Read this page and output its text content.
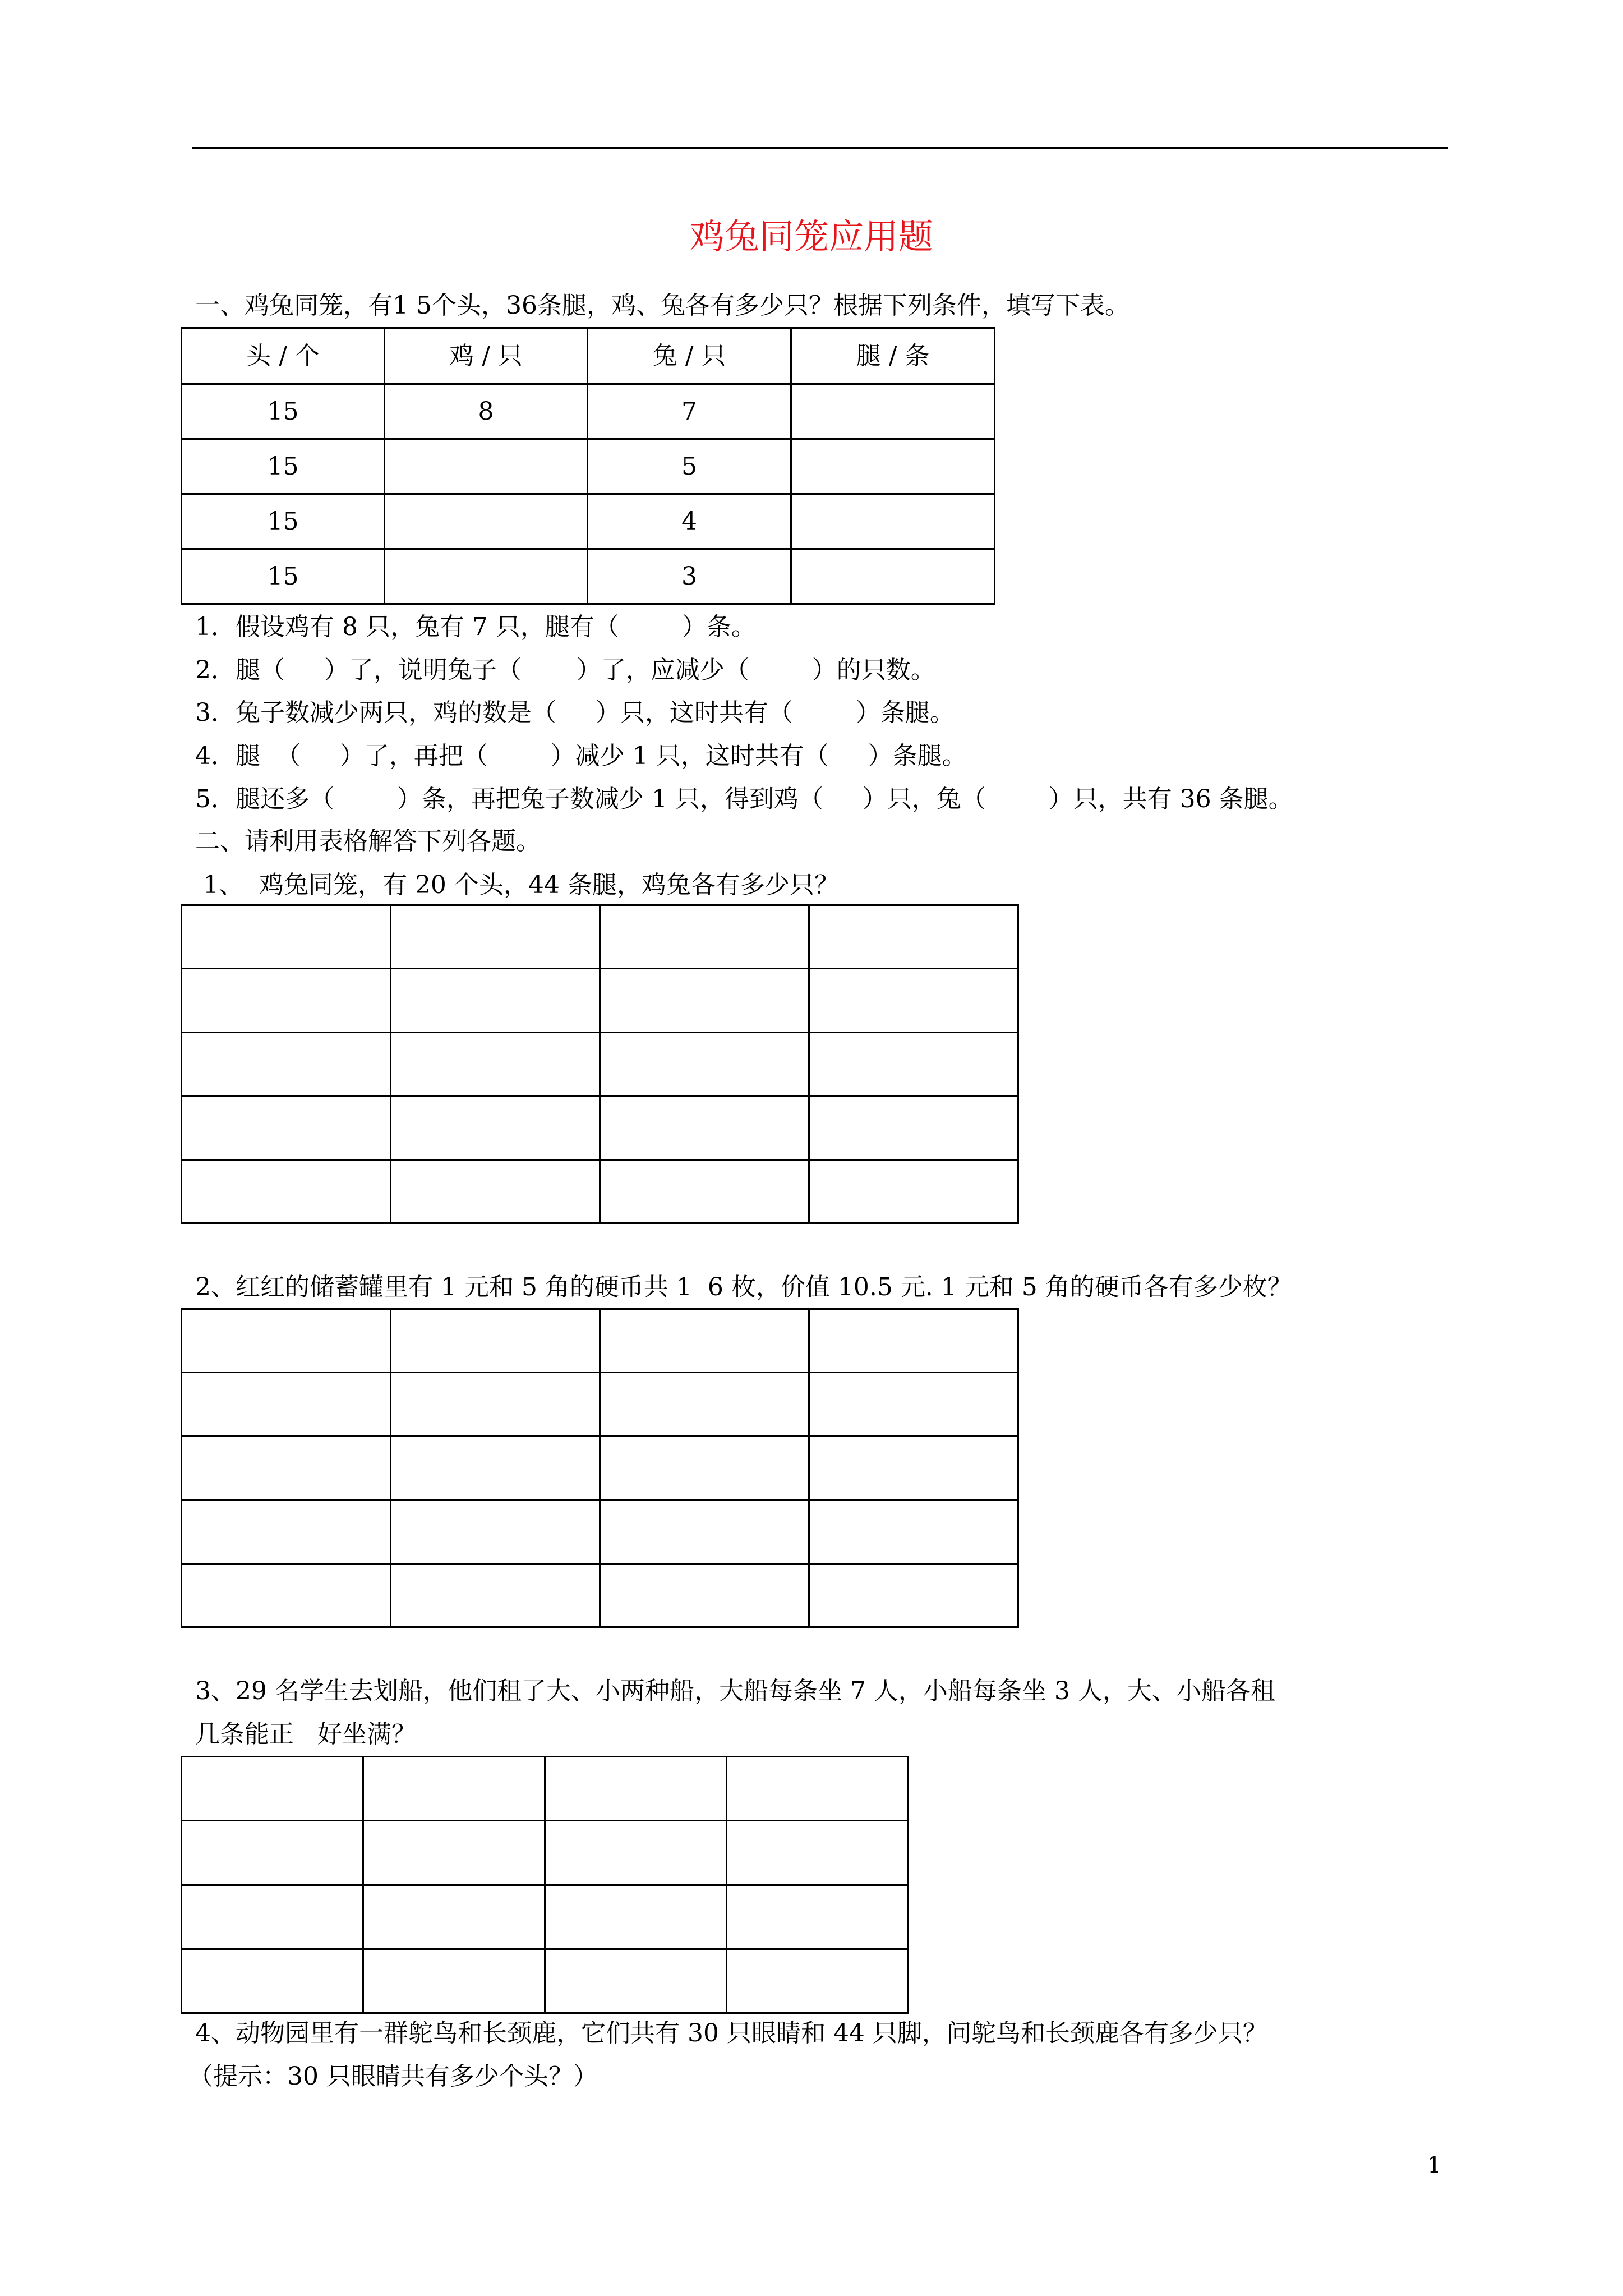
鸡兔同笼应用题
一、鸡兔同笼，有1 5个头，36条腿，鸡、兔各有多少只？根据下列条件，填写下表。
头 / 个	鸡 / 只	兔 / 只	腿 / 条
15	8	7	
15		5	
15		4	
15		3	
1．假设鸡有 8 只，兔有 7 只，腿有（        ）条。
2．腿（     ）了，说明兔子（       ）了，应减少（        ）的只数。
3．兔子数减少两只，鸡的数是（     ）只，这时共有（        ）条腿。
4．腿  （     ）了，再把（        ）减少 1 只，这时共有（     ）条腿。
5．腿还多（        ）条，再把兔子数减少 1 只，得到鸡（     ）只，兔（        ）只，共有 36 条腿。
二、请利用表格解答下列各题。
1、  鸡兔同笼，有 20 个头，44 条腿，鸡兔各有多少只？

2、红红的储蓄罐里有 1 元和 5 角的硬币共 1  6 枚，价值 10.5 元. 1 元和 5 角的硬币各有多少枚？

3、29 名学生去划船，他们租了大、小两种船，大船每条坐 7 人，小船每条坐 3 人，大、小船各租
几条能正   好坐满？

4、动物园里有一群鸵鸟和长颈鹿，它们共有 30 只眼睛和 44 只脚，问鸵鸟和长颈鹿各有多少只？
（提示：30 只眼睛共有多少个头？）
1
